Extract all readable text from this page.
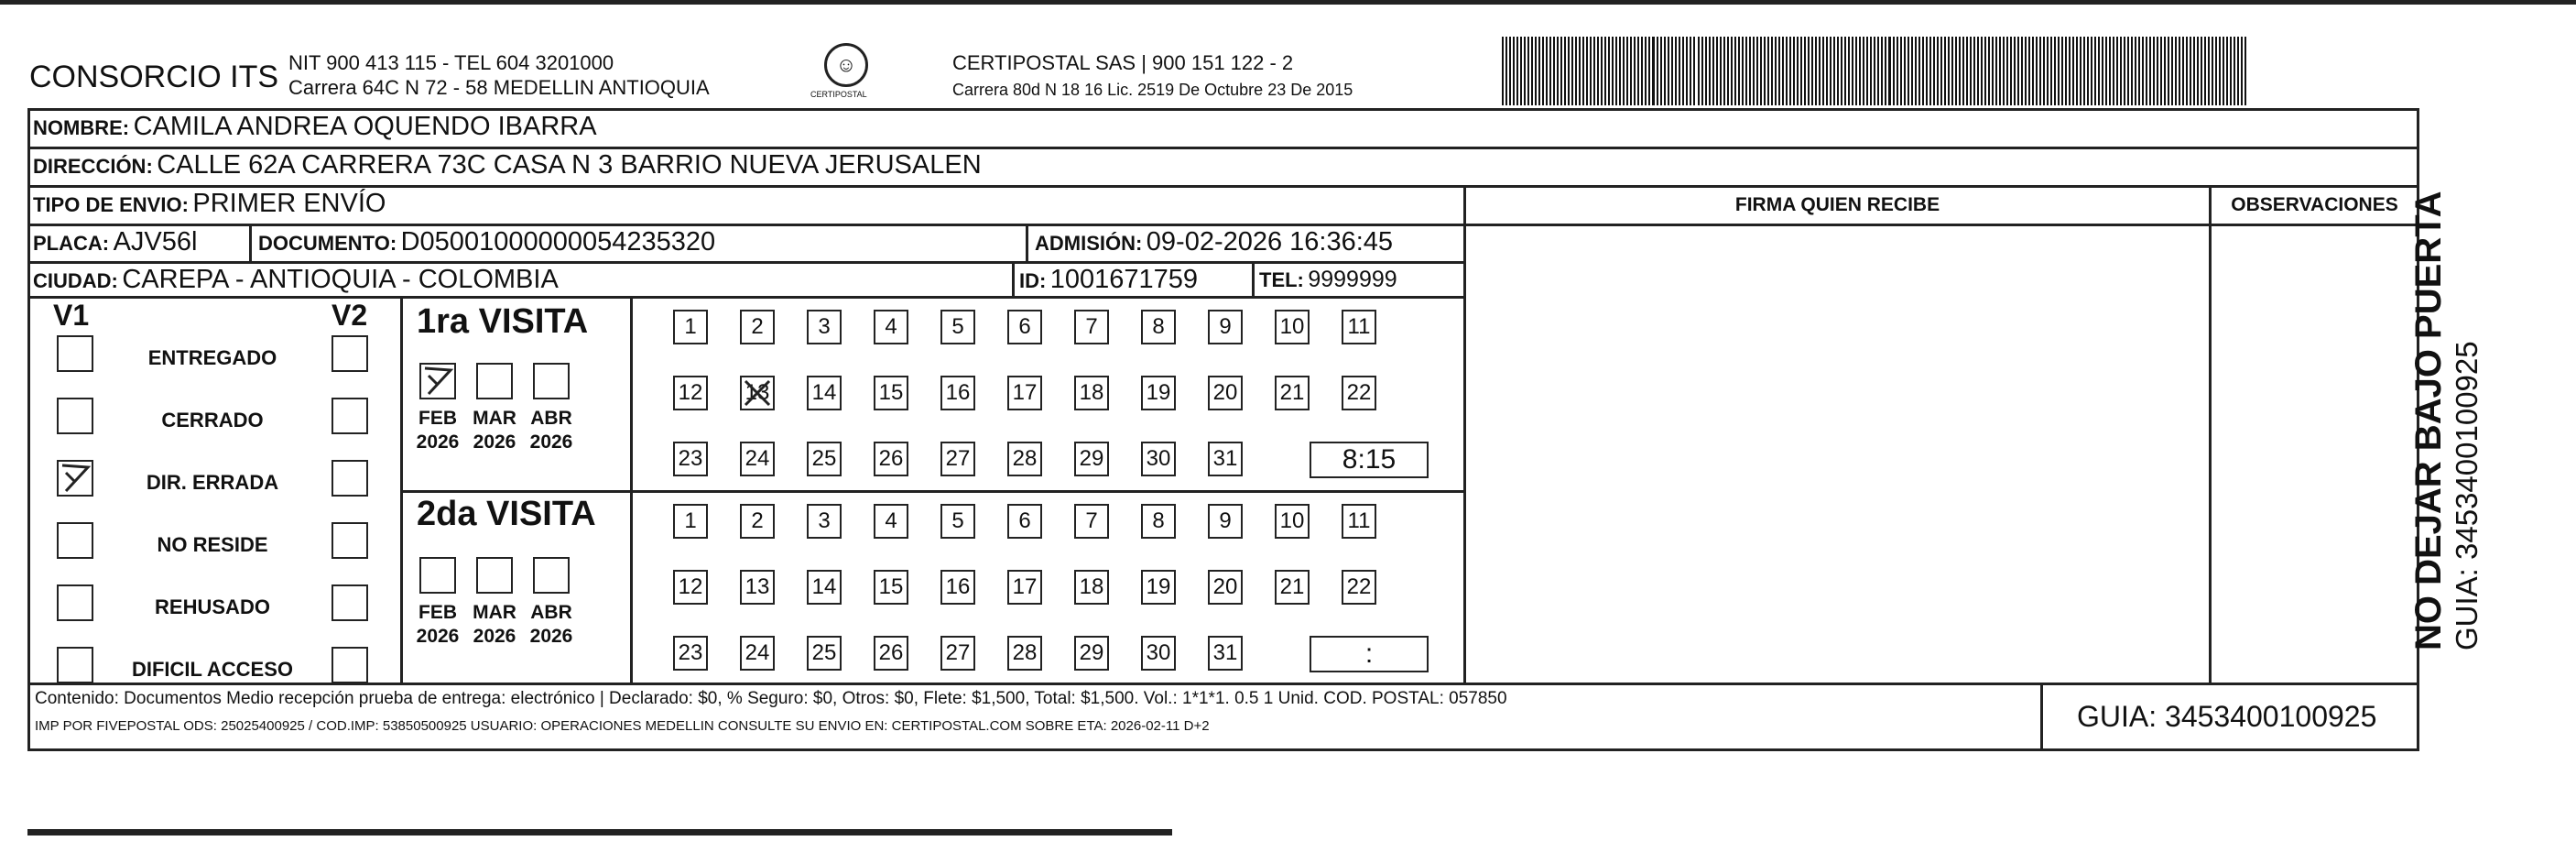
CONSORCIO ITS NIT 900 413 115 - TEL 604 3201000
Carrera 64C N 72 - 58 MEDELLIN ANTIOQUIA
☺
CERTIPOSTAL
CERTIPOSTAL SAS | 900 151 122 - 2
Carrera 80d N 18 16 Lic. 2519 De Octubre 23 De 2015
NOMBRE: CAMILA ANDREA OQUENDO IBARRA
DIRECCIÓN: CALLE 62A CARRERA 73C CASA N 3 BARRIO NUEVA JERUSALEN
TIPO DE ENVIO: PRIMER ENVÍO	FIRMA QUIEN RECIBE	OBSERVACIONES
PLACA: AJV56l	DOCUMENTO: D05001000000054235320	ADMISIÓN: 09-02-2026 16:36:45
CIUDAD: CAREPA - ANTIOQUIA - COLOMBIA	ID: 1001671759	TEL: 9999999
V1	V2
ENTREGADO
CERRADO
DIR. ERRADA
NO RESIDE
REHUSADO
DIFICIL ACCESO
1ra VISITA
2da VISITA
FEB
2026
MAR
2026
ABR
2026
1 2 3 4 5 6 7 8 9 10 11
12 13 14 15 16 17 18 19 20 21 22
23 24 25 26 27 28 29 30 31	8:15
FEB
2026
MAR
2026
ABR
2026
1 2 3 4 5 6 7 8 9 10 11
12 13 14 15 16 17 18 19 20 21 22
23 24 25 26 27 28 29 30 31	:
Contenido: Documentos Medio recepción prueba de entrega: electrónico | Declarado: $0, % Seguro: $0, Otros: $0, Flete: $1,500, Total: $1,500. Vol.: 1*1*1. 0.5 1 Unid. COD. POSTAL: 057850
IMP POR FIVEPOSTAL ODS: 25025400925 / COD.IMP: 53850500925 USUARIO: OPERACIONES MEDELLIN CONSULTE SU ENVIO EN: CERTIPOSTAL.COM SOBRE ETA: 2026-02-11 D+2	GUIA: 3453400100925
NO DEJAR BAJO PUERTA GUIA: 3453400100925
